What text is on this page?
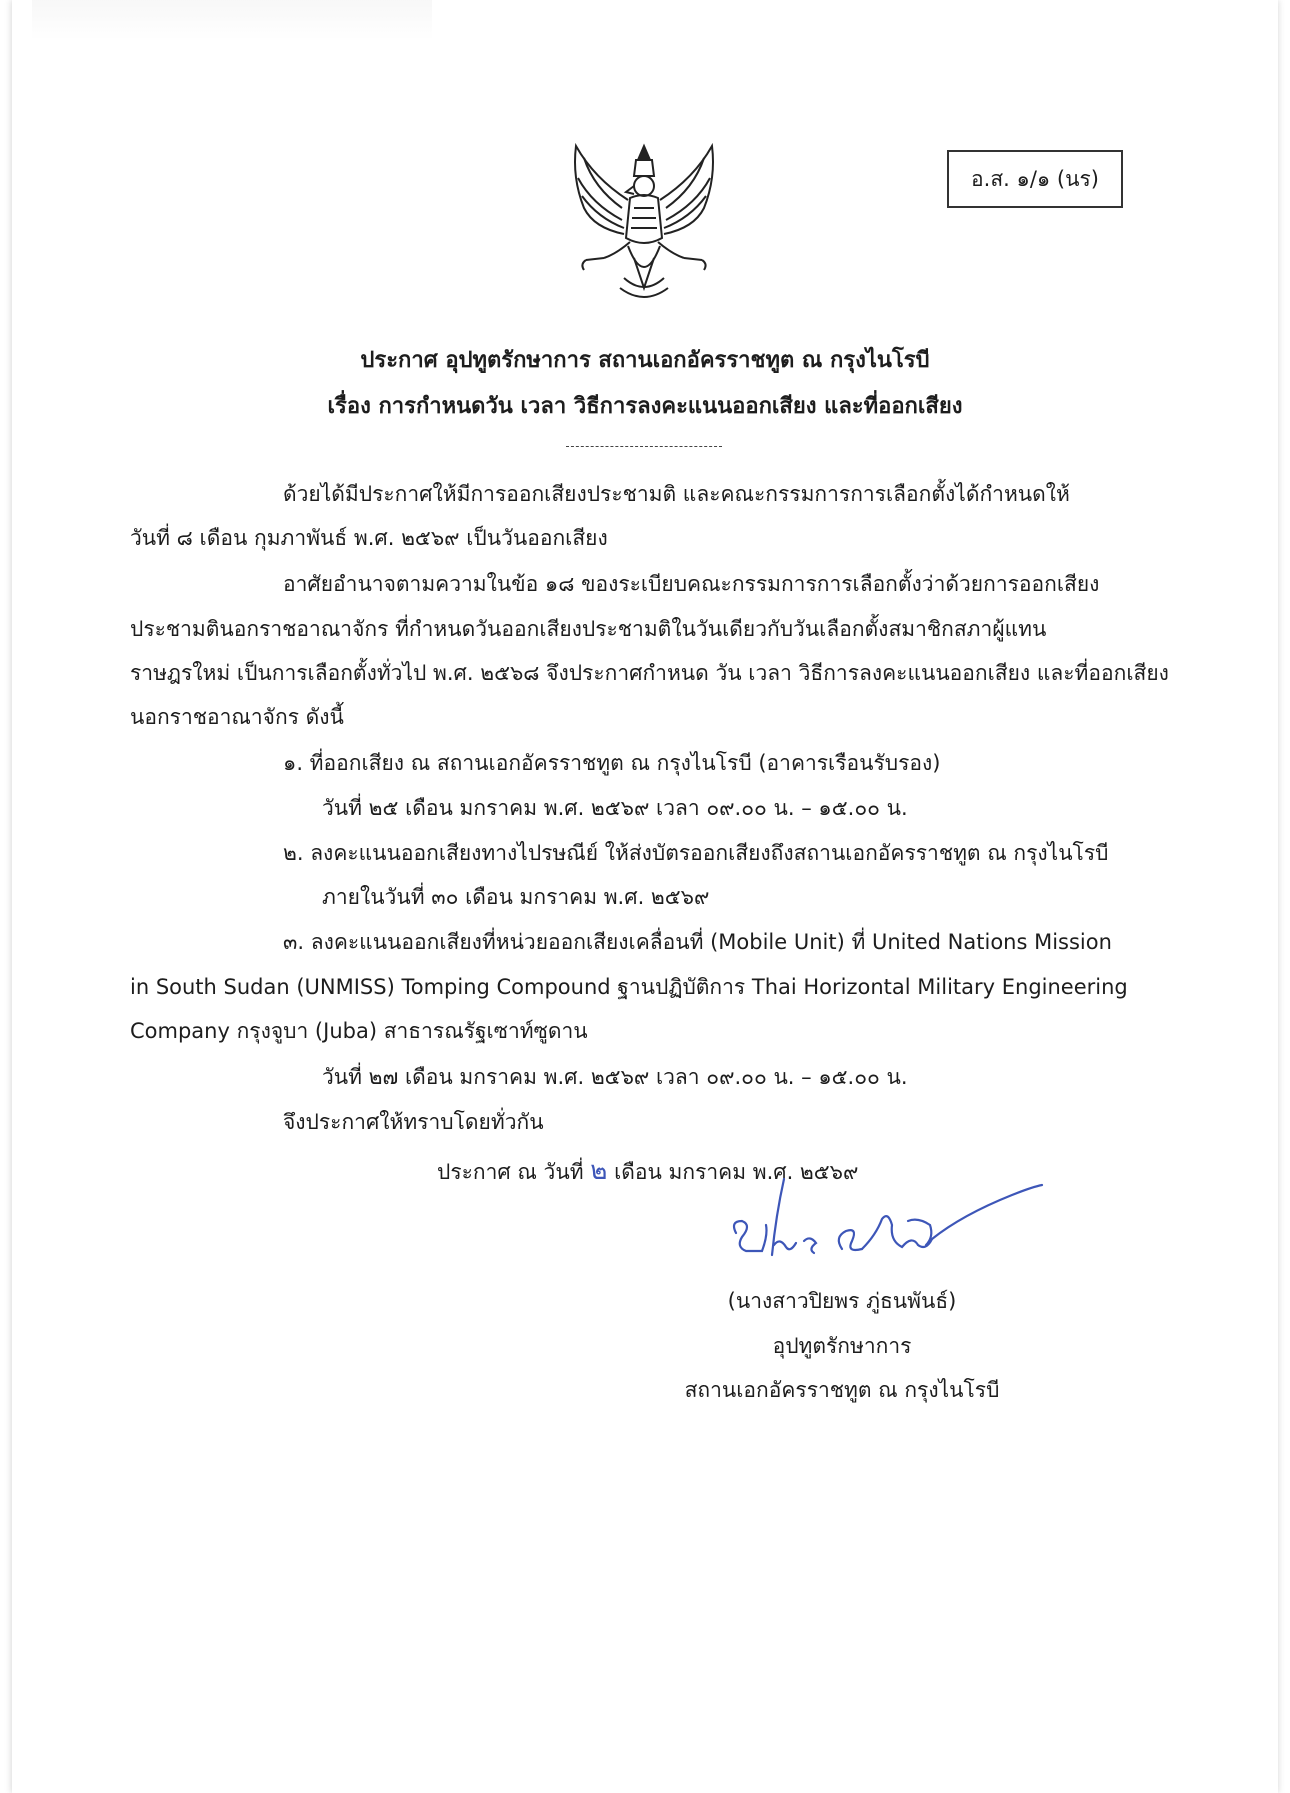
อ.ส. ๑/๑ (นร)
ประกาศ อุปทูตรักษาการ สถานเอกอัครราชทูต ณ กรุงไนโรบี
เรื่อง การกำหนดวัน เวลา วิธีการลงคะแนนออกเสียง และที่ออกเสียง
ด้วยได้มีประกาศให้มีการออกเสียงประชามติ และคณะกรรมการการเลือกตั้งได้กำหนดให้
วันที่ ๘ เดือน กุมภาพันธ์ พ.ศ. ๒๕๖๙ เป็นวันออกเสียง
อาศัยอำนาจตามความในข้อ ๑๘ ของระเบียบคณะกรรมการการเลือกตั้งว่าด้วยการออกเสียง
ประชามตินอกราชอาณาจักร ที่กำหนดวันออกเสียงประชามติในวันเดียวกับวันเลือกตั้งสมาชิกสภาผู้แทน
ราษฎรใหม่ เป็นการเลือกตั้งทั่วไป พ.ศ. ๒๕๖๘ จึงประกาศกำหนด วัน เวลา วิธีการลงคะแนนออกเสียง และที่ออกเสียง
นอกราชอาณาจักร ดังนี้
๑. ที่ออกเสียง ณ สถานเอกอัครราชทูต ณ กรุงไนโรบี (อาคารเรือนรับรอง)
วันที่ ๒๕ เดือน มกราคม พ.ศ. ๒๕๖๙ เวลา ๐๙.๐๐ น. – ๑๕.๐๐ น.
๒. ลงคะแนนออกเสียงทางไปรษณีย์ ให้ส่งบัตรออกเสียงถึงสถานเอกอัครราชทูต ณ กรุงไนโรบี
ภายในวันที่ ๓๐ เดือน มกราคม พ.ศ. ๒๕๖๙
๓. ลงคะแนนออกเสียงที่หน่วยออกเสียงเคลื่อนที่ (Mobile Unit) ที่ United Nations Mission
in South Sudan (UNMISS) Tomping Compound ฐานปฏิบัติการ Thai Horizontal Military Engineering
Company กรุงจูบา (Juba) สาธารณรัฐเซาท์ซูดาน
วันที่ ๒๗ เดือน มกราคม พ.ศ. ๒๕๖๙ เวลา ๐๙.๐๐ น. – ๑๕.๐๐ น.
จึงประกาศให้ทราบโดยทั่วกัน
ประกาศ ณ วันที่ ๒ เดือน มกราคม พ.ศ. ๒๕๖๙
(นางสาวปิยพร ภู่ธนพันธ์)
อุปทูตรักษาการ
สถานเอกอัครราชทูต ณ กรุงไนโรบี
